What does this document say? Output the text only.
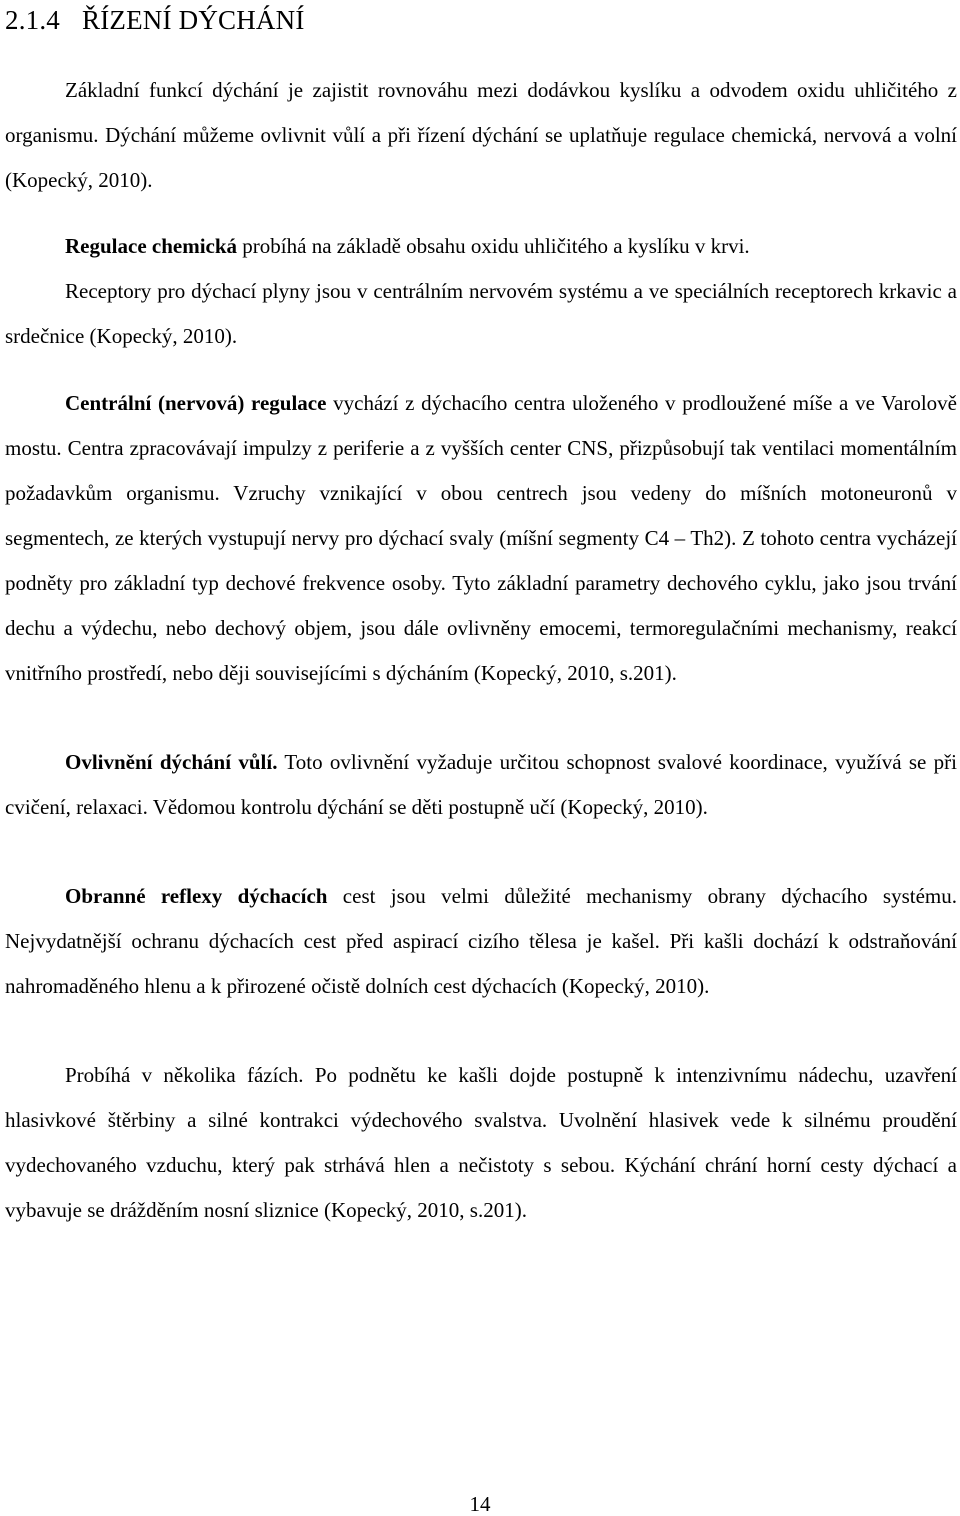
2.1.4 ŘÍZENÍ DÝCHÁNÍ

Základní funkcí dýchání je zajistit rovnováhu mezi dodávkou kyslíku a odvodem oxidu uhličitého z organismu. Dýchání můžeme ovlivnit vůlí a při řízení dýchání se uplatňuje regulace chemická, nervová a volní (Kopecký, 2010).

Regulace chemická probíhá na základě obsahu oxidu uhličitého a kyslíku v krvi.

Receptory pro dýchací plyny jsou v centrálním nervovém systému a ve speciálních receptorech krkavic a srdečnice (Kopecký, 2010).

Centrální (nervová) regulace vychází z dýchacího centra uloženého v prodloužené míše a ve Varolově mostu. Centra zpracovávají impulzy z periferie a z vyšších center CNS, přizpůsobují tak ventilaci momentálním požadavkům organismu. Vzruchy vznikající v obou centrech jsou vedeny do míšních motoneuronů v segmentech, ze kterých vystupují nervy pro dýchací svaly (míšní segmenty C4 – Th2). Z tohoto centra vycházejí podněty pro základní typ dechové frekvence osoby. Tyto základní parametry dechového cyklu, jako jsou trvání dechu a výdechu, nebo dechový objem, jsou dále ovlivněny emocemi, termoregulačními mechanismy, reakcí vnitřního prostředí, nebo ději souvisejícími s dýcháním (Kopecký, 2010, s.201).

Ovlivnění dýchání vůlí. Toto ovlivnění vyžaduje určitou schopnost svalové koordinace, využívá se při cvičení, relaxaci. Vědomou kontrolu dýchání se děti postupně učí (Kopecký, 2010).

Obranné reflexy dýchacích cest jsou velmi důležité mechanismy obrany dýchacího systému. Nejvydatnější ochranu dýchacích cest před aspirací cizího tělesa je kašel. Při kašli dochází k odstraňování nahromaděného hlenu a k přirozené očistě dolních cest dýchacích (Kopecký, 2010).

Probíhá v několika fázích. Po podnětu ke kašli dojde postupně k intenzivnímu nádechu, uzavření hlasivkové štěrbiny a silné kontrakci výdechového svalstva. Uvolnění hlasivek vede k silnému proudění vydechovaného vzduchu, který pak strhává hlen a nečistoty s sebou. Kýchání chrání horní cesty dýchací a vybavuje se drážděním nosní sliznice (Kopecký, 2010, s.201).

14
